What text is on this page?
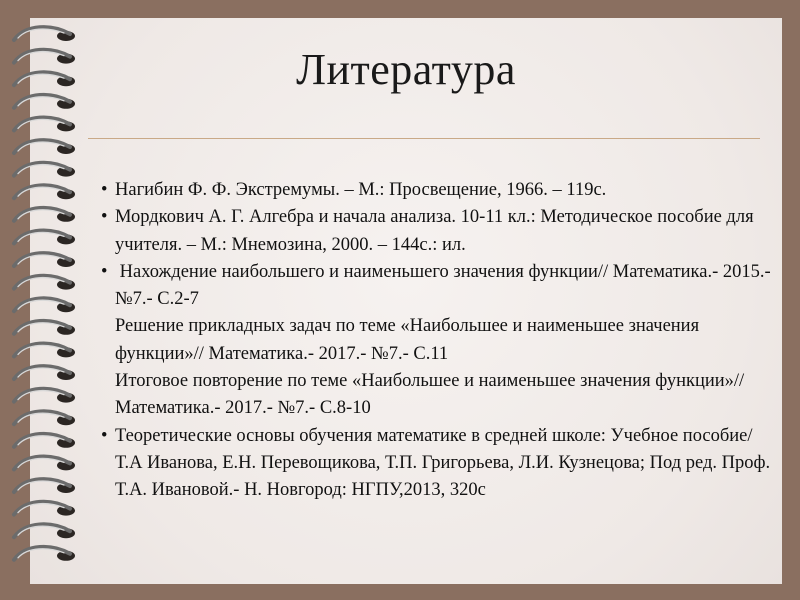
Литература
• Нагибин Ф. Ф. Экстремумы. – М.: Просвещение, 1966. – 119с.
• Мордкович А. Г. Алгебра и начала анализа. 10-11 кл.: Методическое пособие для учителя. – М.: Мнемозина, 2000. – 144с.: ил.
• Нахождение наибольшего и наименьшего значения функции// Математика.- 2015.- №7.- С.2-7
Решение прикладных задач по теме «Наибольшее и наименьшее значения функции»// Математика.- 2017.- №7.- С.11
Итоговое повторение по теме «Наибольшее и наименьшее значения функции»// Математика.- 2017.- №7.- С.8-10
• Теоретические основы обучения математике в средней школе: Учебное пособие/ Т.А Иванова, Е.Н. Перевощикова, Т.П. Григорьева, Л.И. Кузнецова; Под ред. Проф. Т.А. Ивановой.- Н. Новгород: НГПУ,2013, 320с
